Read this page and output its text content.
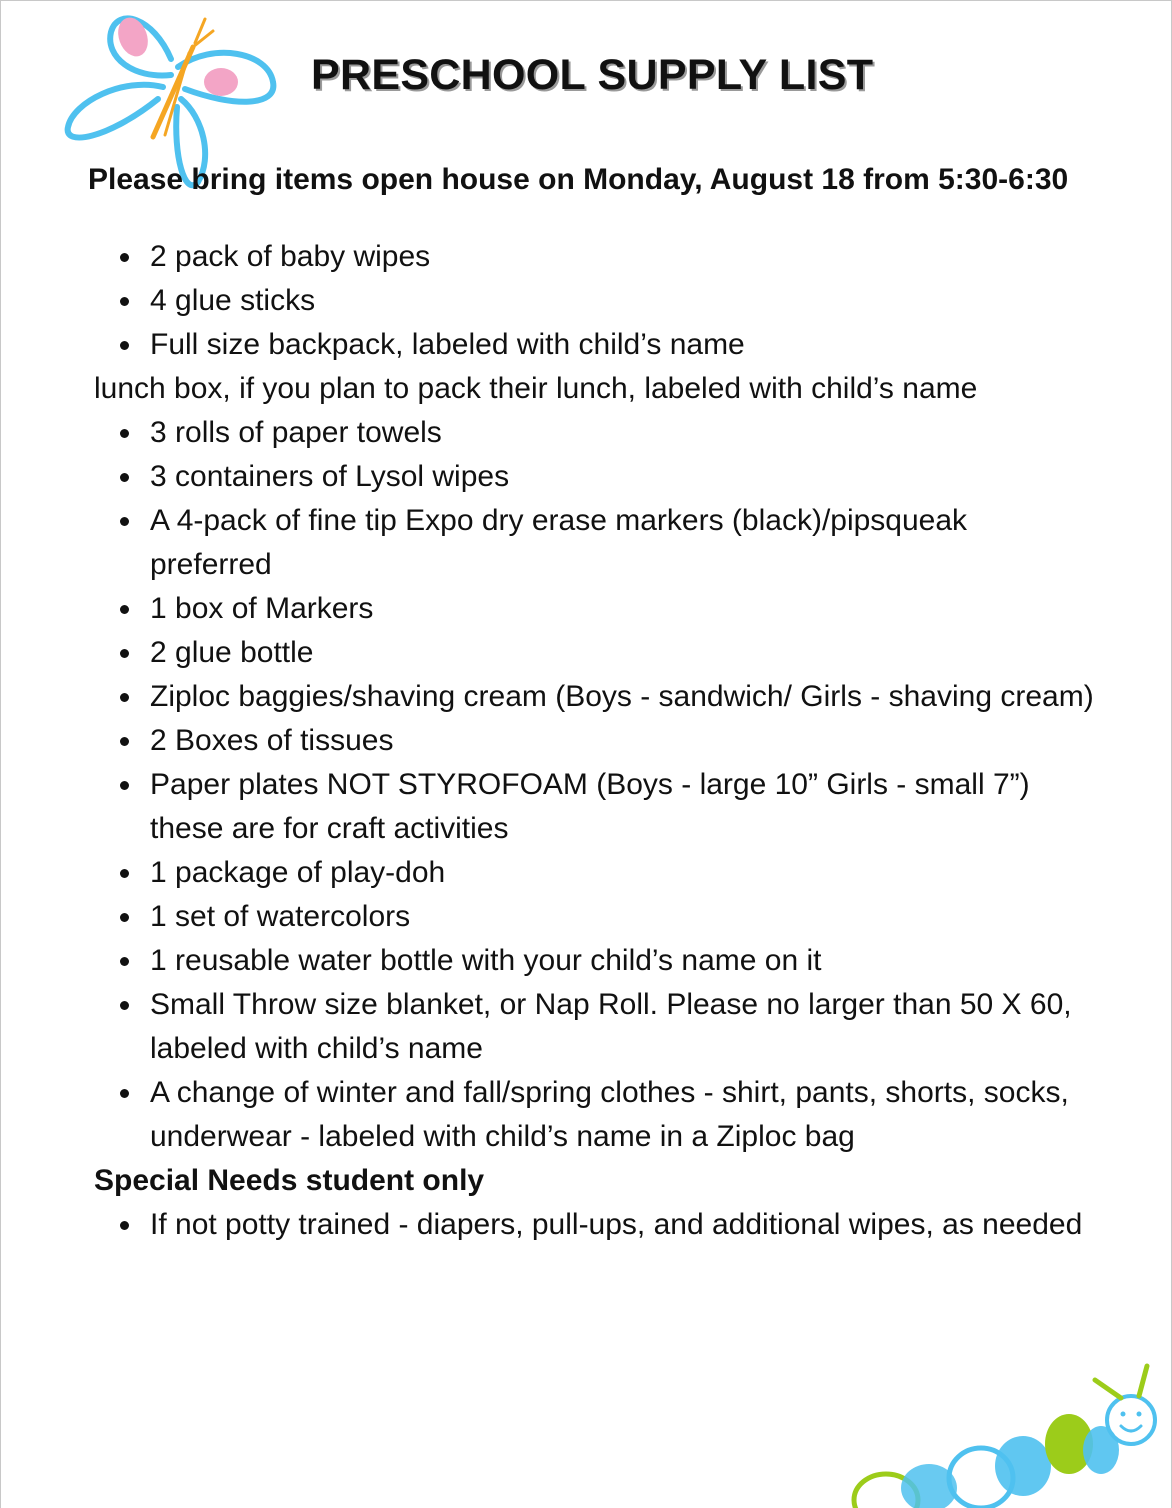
PRESCHOOL SUPPLY LIST
Please bring items open house on Monday, August 18 from 5:30-6:30
2 pack of baby wipes
4 glue sticks
Full size backpack, labeled with child’s name

lunch box, if you plan to pack their lunch, labeled with child’s name

3 rolls of paper towels
3 containers of Lysol wipes
A 4-pack of fine tip Expo dry erase markers (black)/pipsqueak preferred
1 box of Markers
2 glue bottle
Ziploc baggies/shaving cream (Boys - sandwich/ Girls - shaving cream)
2 Boxes of tissues
Paper plates NOT STYROFOAM (Boys - large 10” Girls - small 7”) these are for craft activities
1 package of play-doh
1 set of watercolors
1 reusable water bottle with your child’s name on it
Small Throw size blanket, or Nap Roll. Please no larger than 50 X 60, labeled with child’s name
A change of winter and fall/spring clothes - shirt, pants, shorts, socks, underwear - labeled with child’s name in a Ziploc bag

Special Needs student only

If not potty trained - diapers, pull-ups, and additional wipes, as needed
